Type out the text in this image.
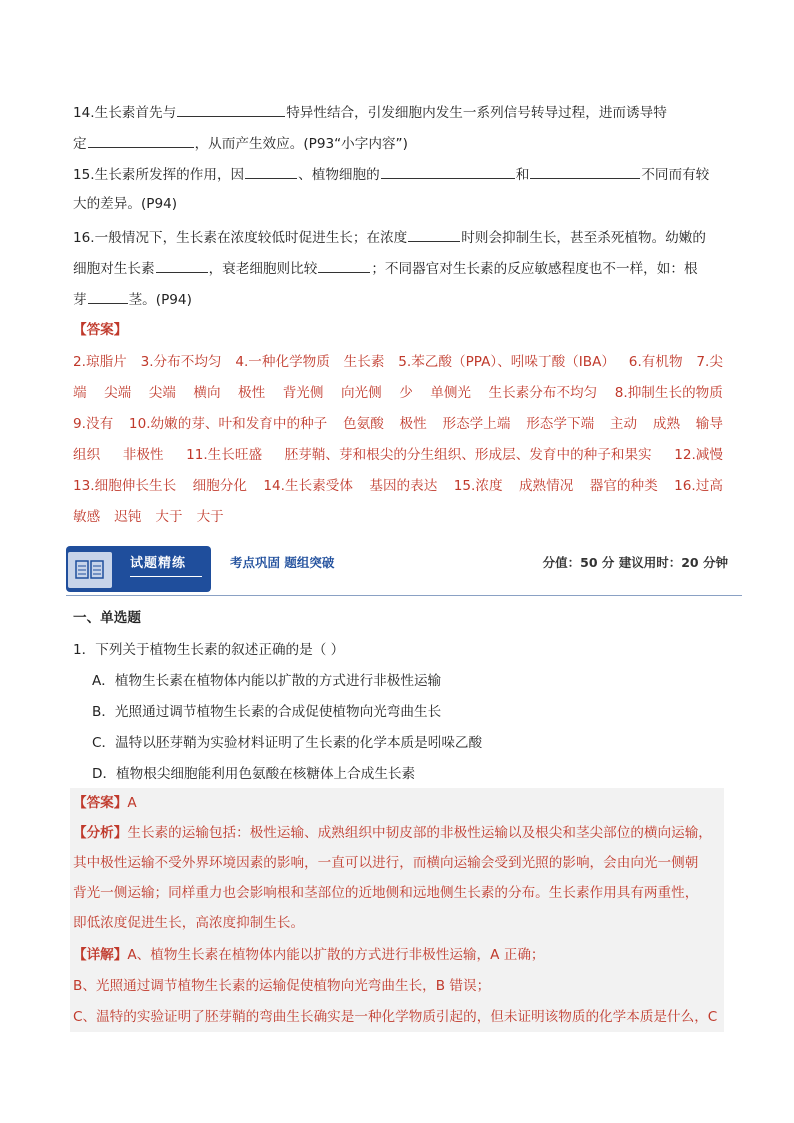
14.生长素首先与	特异性结合，引发细胞内发生一系列信号转导过程，进而诱导特
定	，从而产生效应。(P93“小字内容”)
15.生长素所发挥的作用，因	、植物细胞的	和	不同而有较
大的差异。(P94)
16.一般情况下，生长素在浓度较低时促进生长；在浓度	时则会抑制生长，甚至杀死植物。幼嫩的
细胞对生长素	，衰老细胞则比较	；不同器官对生长素的反应敏感程度也不一样，如：根
芽	茎。(P94)
【答案】
2.琼脂片 3.分布不均匀 4.一种化学物质 生长素 5.苯乙酸（PPA）、吲哚丁酸（IBA） 6.有机物 7.尖
端 尖端 尖端 横向 极性 背光侧 向光侧 少 单侧光 生长素分布不均匀 8.抑制生长的物质
9.没有 10.幼嫩的芽、叶和发育中的种子 色氨酸 极性 形态学上端 形态学下端 主动 成熟 输导
组织 非极性 11.生长旺盛 胚芽鞘、芽和根尖的分生组织、形成层、发育中的种子和果实 12.减慢
13.细胞伸长生长 细胞分化 14.生长素受体 基因的表达 15.浓度 成熟情况 器官的种类 16.过高
敏感 迟钝 大于 大于
试题精练	考点巩固 题组突破	分值：50 分 建议用时：20 分钟
一、单选题
1．下列关于植物生长素的叙述正确的是（ ）
A．植物生长素在植物体内能以扩散的方式进行非极性运输
B．光照通过调节植物生长素的合成促使植物向光弯曲生长
C．温特以胚芽鞘为实验材料证明了生长素的化学本质是吲哚乙酸
D．植物根尖细胞能利用色氨酸在核糖体上合成生长素
【答案】A
【分析】生长素的运输包括：极性运输、成熟组织中韧皮部的非极性运输以及根尖和茎尖部位的横向运输，
其中极性运输不受外界环境因素的影响，一直可以进行，而横向运输会受到光照的影响，会由向光一侧朝
背光一侧运输；同样重力也会影响根和茎部位的近地侧和远地侧生长素的分布。生长素作用具有两重性，
即低浓度促进生长，高浓度抑制生长。
【详解】A、植物生长素在植物体内能以扩散的方式进行非极性运输，A 正确；
B、光照通过调节植物生长素的运输促使植物向光弯曲生长，B 错误；
C、温特的实验证明了胚芽鞘的弯曲生长确实是一种化学物质引起的，但未证明该物质的化学本质是什么，C
